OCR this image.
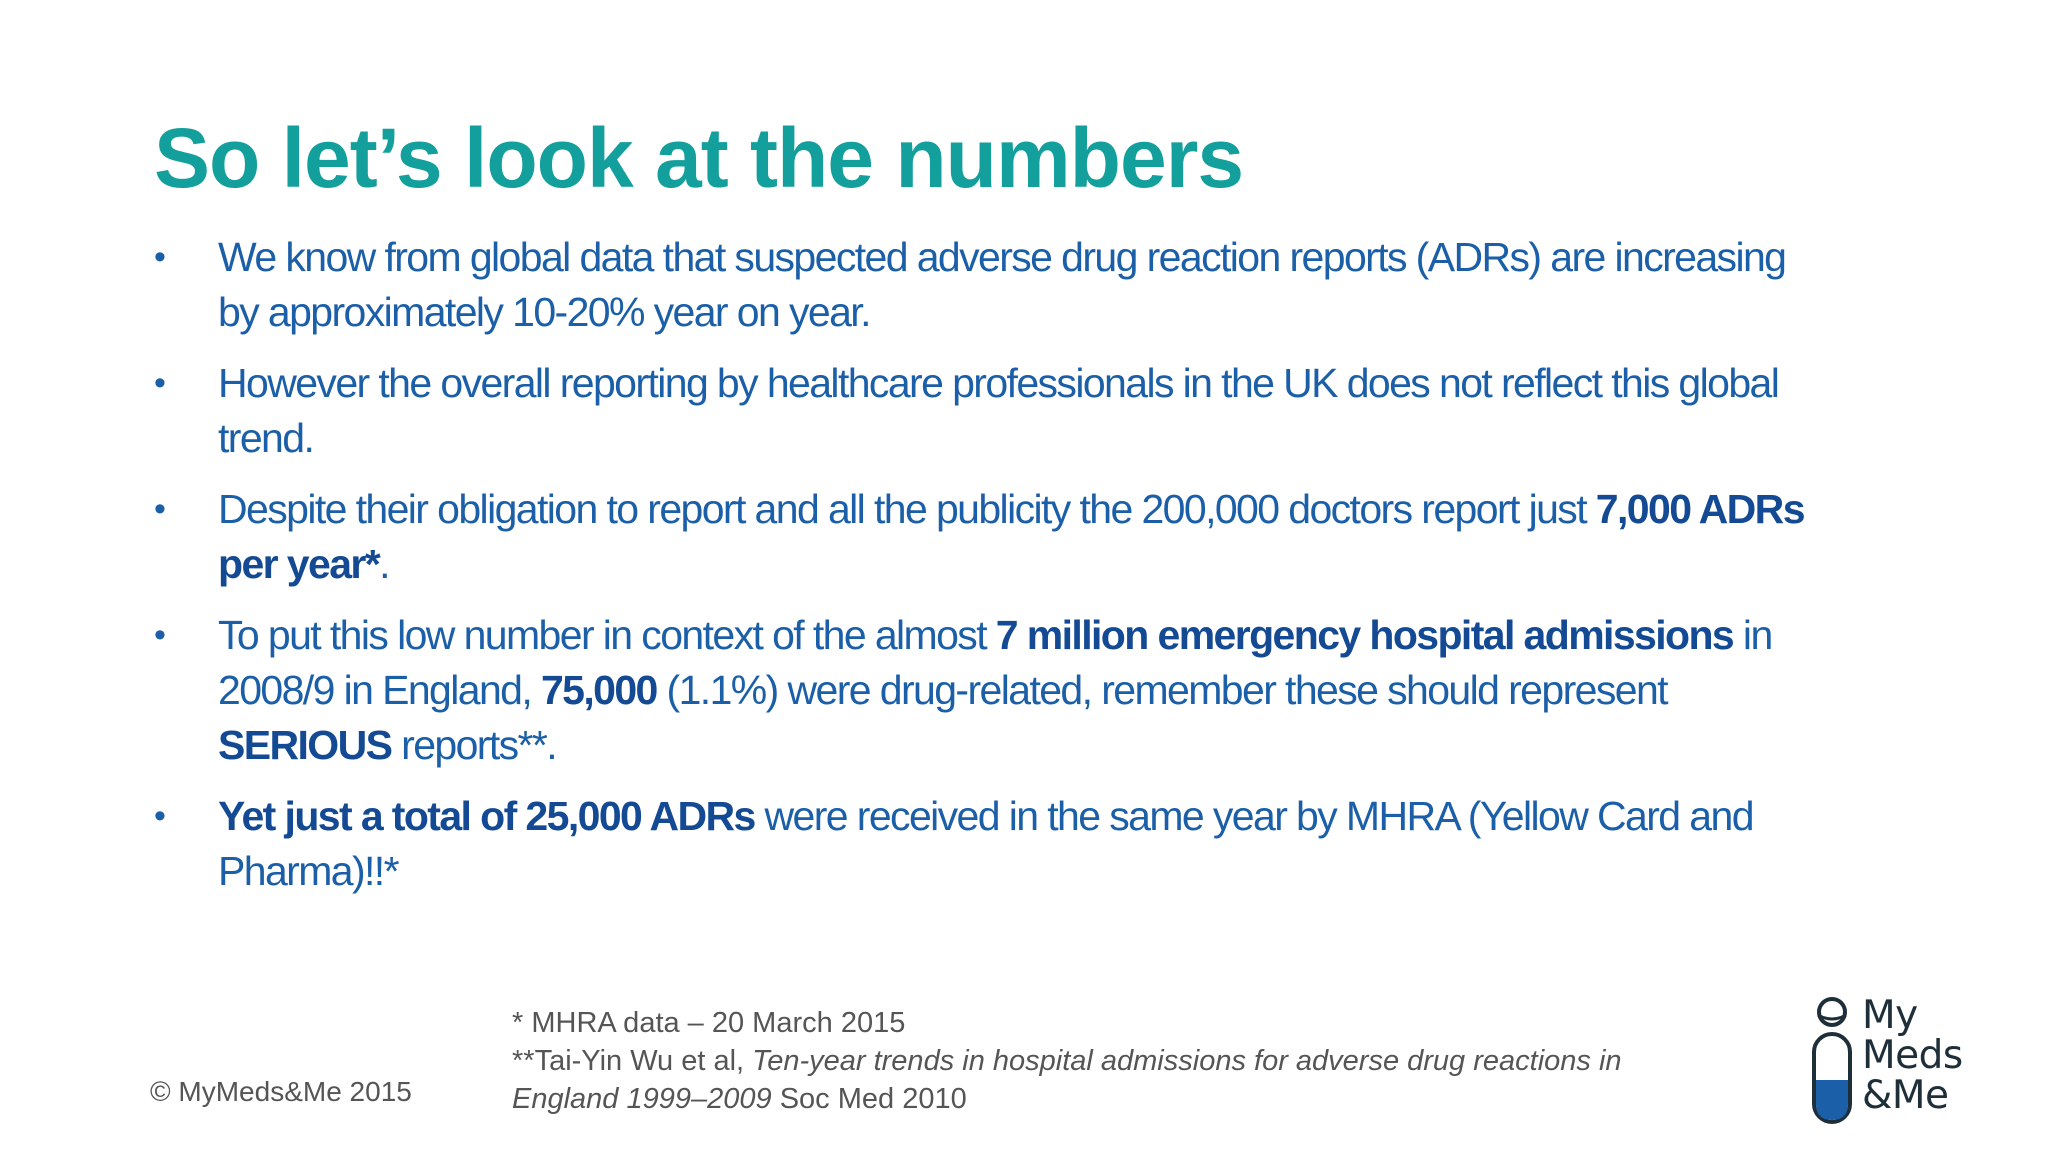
So let’s look at the numbers
• We know from global data that suspected adverse drug reaction reports (ADRs) are increasing by approximately 10-20% year on year.
• However the overall reporting by healthcare professionals in the UK does not reflect this global trend.
• Despite their obligation to report and all the publicity the 200,000 doctors report just 7,000 ADRs per year*.
• To put this low number in context of the almost 7 million emergency hospital admissions in 2008/9 in England, 75,000 (1.1%) were drug-related, remember these should represent SERIOUS reports**.
• Yet just a total of 25,000 ADRs were received in the same year by MHRA (Yellow Card and Pharma)!!*
© MyMeds&Me 2015
* MHRA data – 20 March 2015
**Tai-Yin Wu et al, Ten-year trends in hospital admissions for adverse drug reactions in England 1999–2009 Soc Med 2010
My
Meds
&Me
